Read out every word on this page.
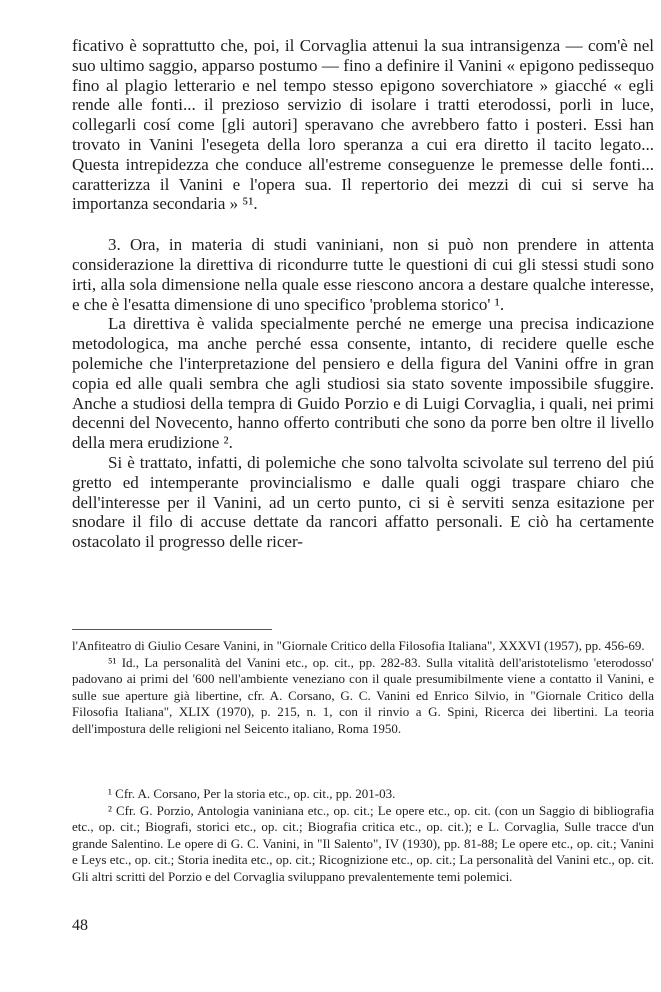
ficativo è soprattutto che, poi, il Corvaglia attenui la sua intransigenza — com'è nel suo ultimo saggio, apparso postumo — fino a definire il Vanini « epigono pedissequo fino al plagio letterario e nel tempo stesso epigono soverchiatore » giacché « egli rende alle fonti... il prezioso servizio di isolare i tratti eterodossi, porli in luce, collegarli cosí come [gli autori] speravano che avrebbero fatto i posteri. Essi han trovato in Vanini l'esegeta della loro speranza a cui era diretto il tacito legato... Questa intrepidezza che conduce all'estreme conseguenze le premesse delle fonti... caratterizza il Vanini e l'opera sua. Il repertorio dei mezzi di cui si serve ha importanza secondaria » ⁵¹.

3. Ora, in materia di studi vaniniani, non si può non prendere in attenta considerazione la direttiva di ricondurre tutte le questioni di cui gli stessi studi sono irti, alla sola dimensione nella quale esse riescono ancora a destare qualche interesse, e che è l'esatta dimensione di uno specifico 'problema storico' ¹.

La direttiva è valida specialmente perché ne emerge una precisa indicazione metodologica, ma anche perché essa consente, intanto, di recidere quelle esche polemiche che l'interpretazione del pensiero e della figura del Vanini offre in gran copia ed alle quali sembra che agli studiosi sia stato sovente impossibile sfuggire. Anche a studiosi della tempra di Guido Porzio e di Luigi Corvaglia, i quali, nei primi decenni del Novecento, hanno offerto contributi che sono da porre ben oltre il livello della mera erudizione ².

Si è trattato, infatti, di polemiche che sono talvolta scivolate sul terreno del piú gretto ed intemperante provincialismo e dalle quali oggi traspare chiaro che dell'interesse per il Vanini, ad un certo punto, ci si è serviti senza esitazione per snodare il filo di accuse dettate da rancori affatto personali. E ciò ha certamente ostacolato il progresso delle ricer-

l'Anfiteatro di Giulio Cesare Vanini, in "Giornale Critico della Filosofia Italiana", XXXVI (1957), pp. 456-69.

⁵¹ Id., La personalità del Vanini etc., op. cit., pp. 282-83. Sulla vitalità dell'aristotelismo 'eterodosso' padovano ai primi del '600 nell'ambiente veneziano con il quale presumibilmente viene a contatto il Vanini, e sulle sue aperture già libertine, cfr. A. Corsano, G. C. Vanini ed Enrico Silvio, in "Giornale Critico della Filosofia Italiana", XLIX (1970), p. 215, n. 1, con il rinvio a G. Spini, Ricerca dei libertini. La teoria dell'impostura delle religioni nel Seicento italiano, Roma 1950.

¹ Cfr. A. Corsano, Per la storia etc., op. cit., pp. 201-03.

² Cfr. G. Porzio, Antologia vaniniana etc., op. cit.; Le opere etc., op. cit. (con un Saggio di bibliografia etc., op. cit.; Biografi, storici etc., op. cit.; Biografia critica etc., op. cit.); e L. Corvaglia, Sulle tracce d'un grande Salentino. Le opere di G. C. Vanini, in "Il Salento", IV (1930), pp. 81-88; Le opere etc., op. cit.; Vanini e Leys etc., op. cit.; Storia inedita etc., op. cit.; Ricognizione etc., op. cit.; La personalità del Vanini etc., op. cit. Gli altri scritti del Porzio e del Corvaglia sviluppano prevalentemente temi polemici.

48
